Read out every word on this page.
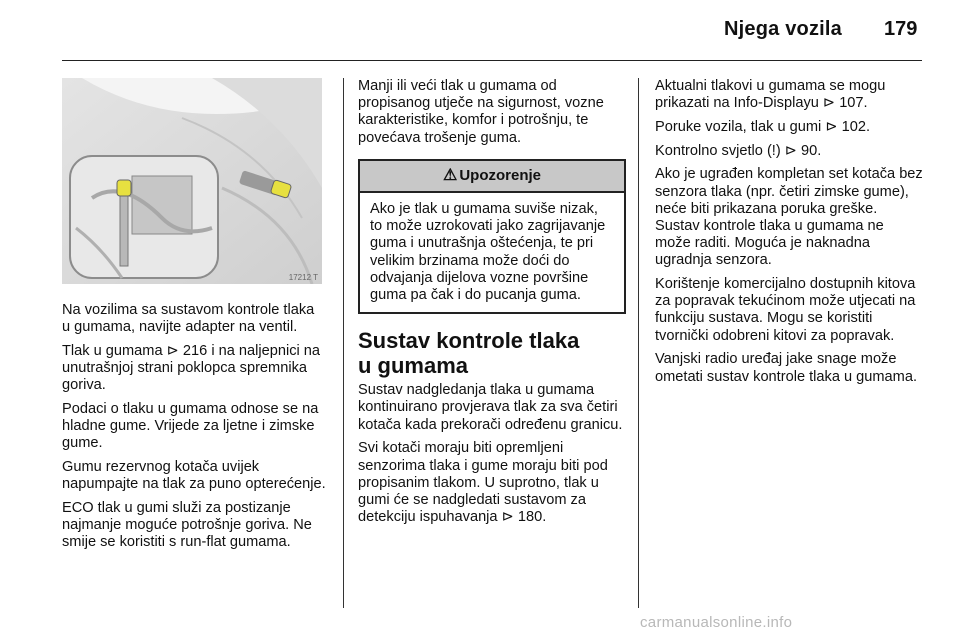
Njega vozila 179
17212 T

Na vozilima sa sustavom kontrole tlaka u gumama, navijte adapter na ventil.

Tlak u gumama ⊳ 216 i na naljepnici na unutrašnjoj strani poklopca spremnika goriva.

Podaci o tlaku u gumama odnose se na hladne gume. Vrijede za ljetne i zimske gume.

Gumu rezervnog kotača uvijek napumpajte na tlak za puno opterećenje.

ECO tlak u gumi služi za postizanje najmanje moguće potrošnje goriva. Ne smije se koristiti s run-flat gumama.

Manji ili veći tlak u gumama od propisanog utječe na sigurnost, vozne karakteristike, komfor i potrošnju, te povećava trošenje guma.

⚠ Upozorenje
Ako je tlak u gumama suviše nizak, to može uzrokovati jako zagrijavanje guma i unutrašnja oštećenja, te pri velikim brzinama može doći do odvajanja dijelova vozne površine guma pa čak i do pucanja guma.
Sustav kontrole tlaka
u gumama

Sustav nadgledanja tlaka u gumama kontinuirano provjerava tlak za sva četiri kotača kada prekorači određenu granicu.

Svi kotači moraju biti opremljeni senzorima tlaka i gume moraju biti pod propisanim tlakom. U suprotno, tlak u gumi će se nadgledati sustavom za detekciju ispuhavanja ⊳ 180.

Aktualni tlakovi u gumama se mogu prikazati na Info-Displayu ⊳ 107.

Poruke vozila, tlak u gumi ⊳ 102.

Kontrolno svjetlo (!) ⊳ 90.

Ako je ugrađen kompletan set kotača bez senzora tlaka (npr. četiri zimske gume), neće biti prikazana poruka greške. Sustav kontrole tlaka u gumama ne može raditi. Moguća je naknadna ugradnja senzora.

Korištenje komercijalno dostupnih kitova za popravak tekućinom može utjecati na funkciju sustava. Mogu se koristiti tvornički odobreni kitovi za popravak.

Vanjski radio uređaj jake snage može ometati sustav kontrole tlaka u gumama.

carmanualsonline.info
